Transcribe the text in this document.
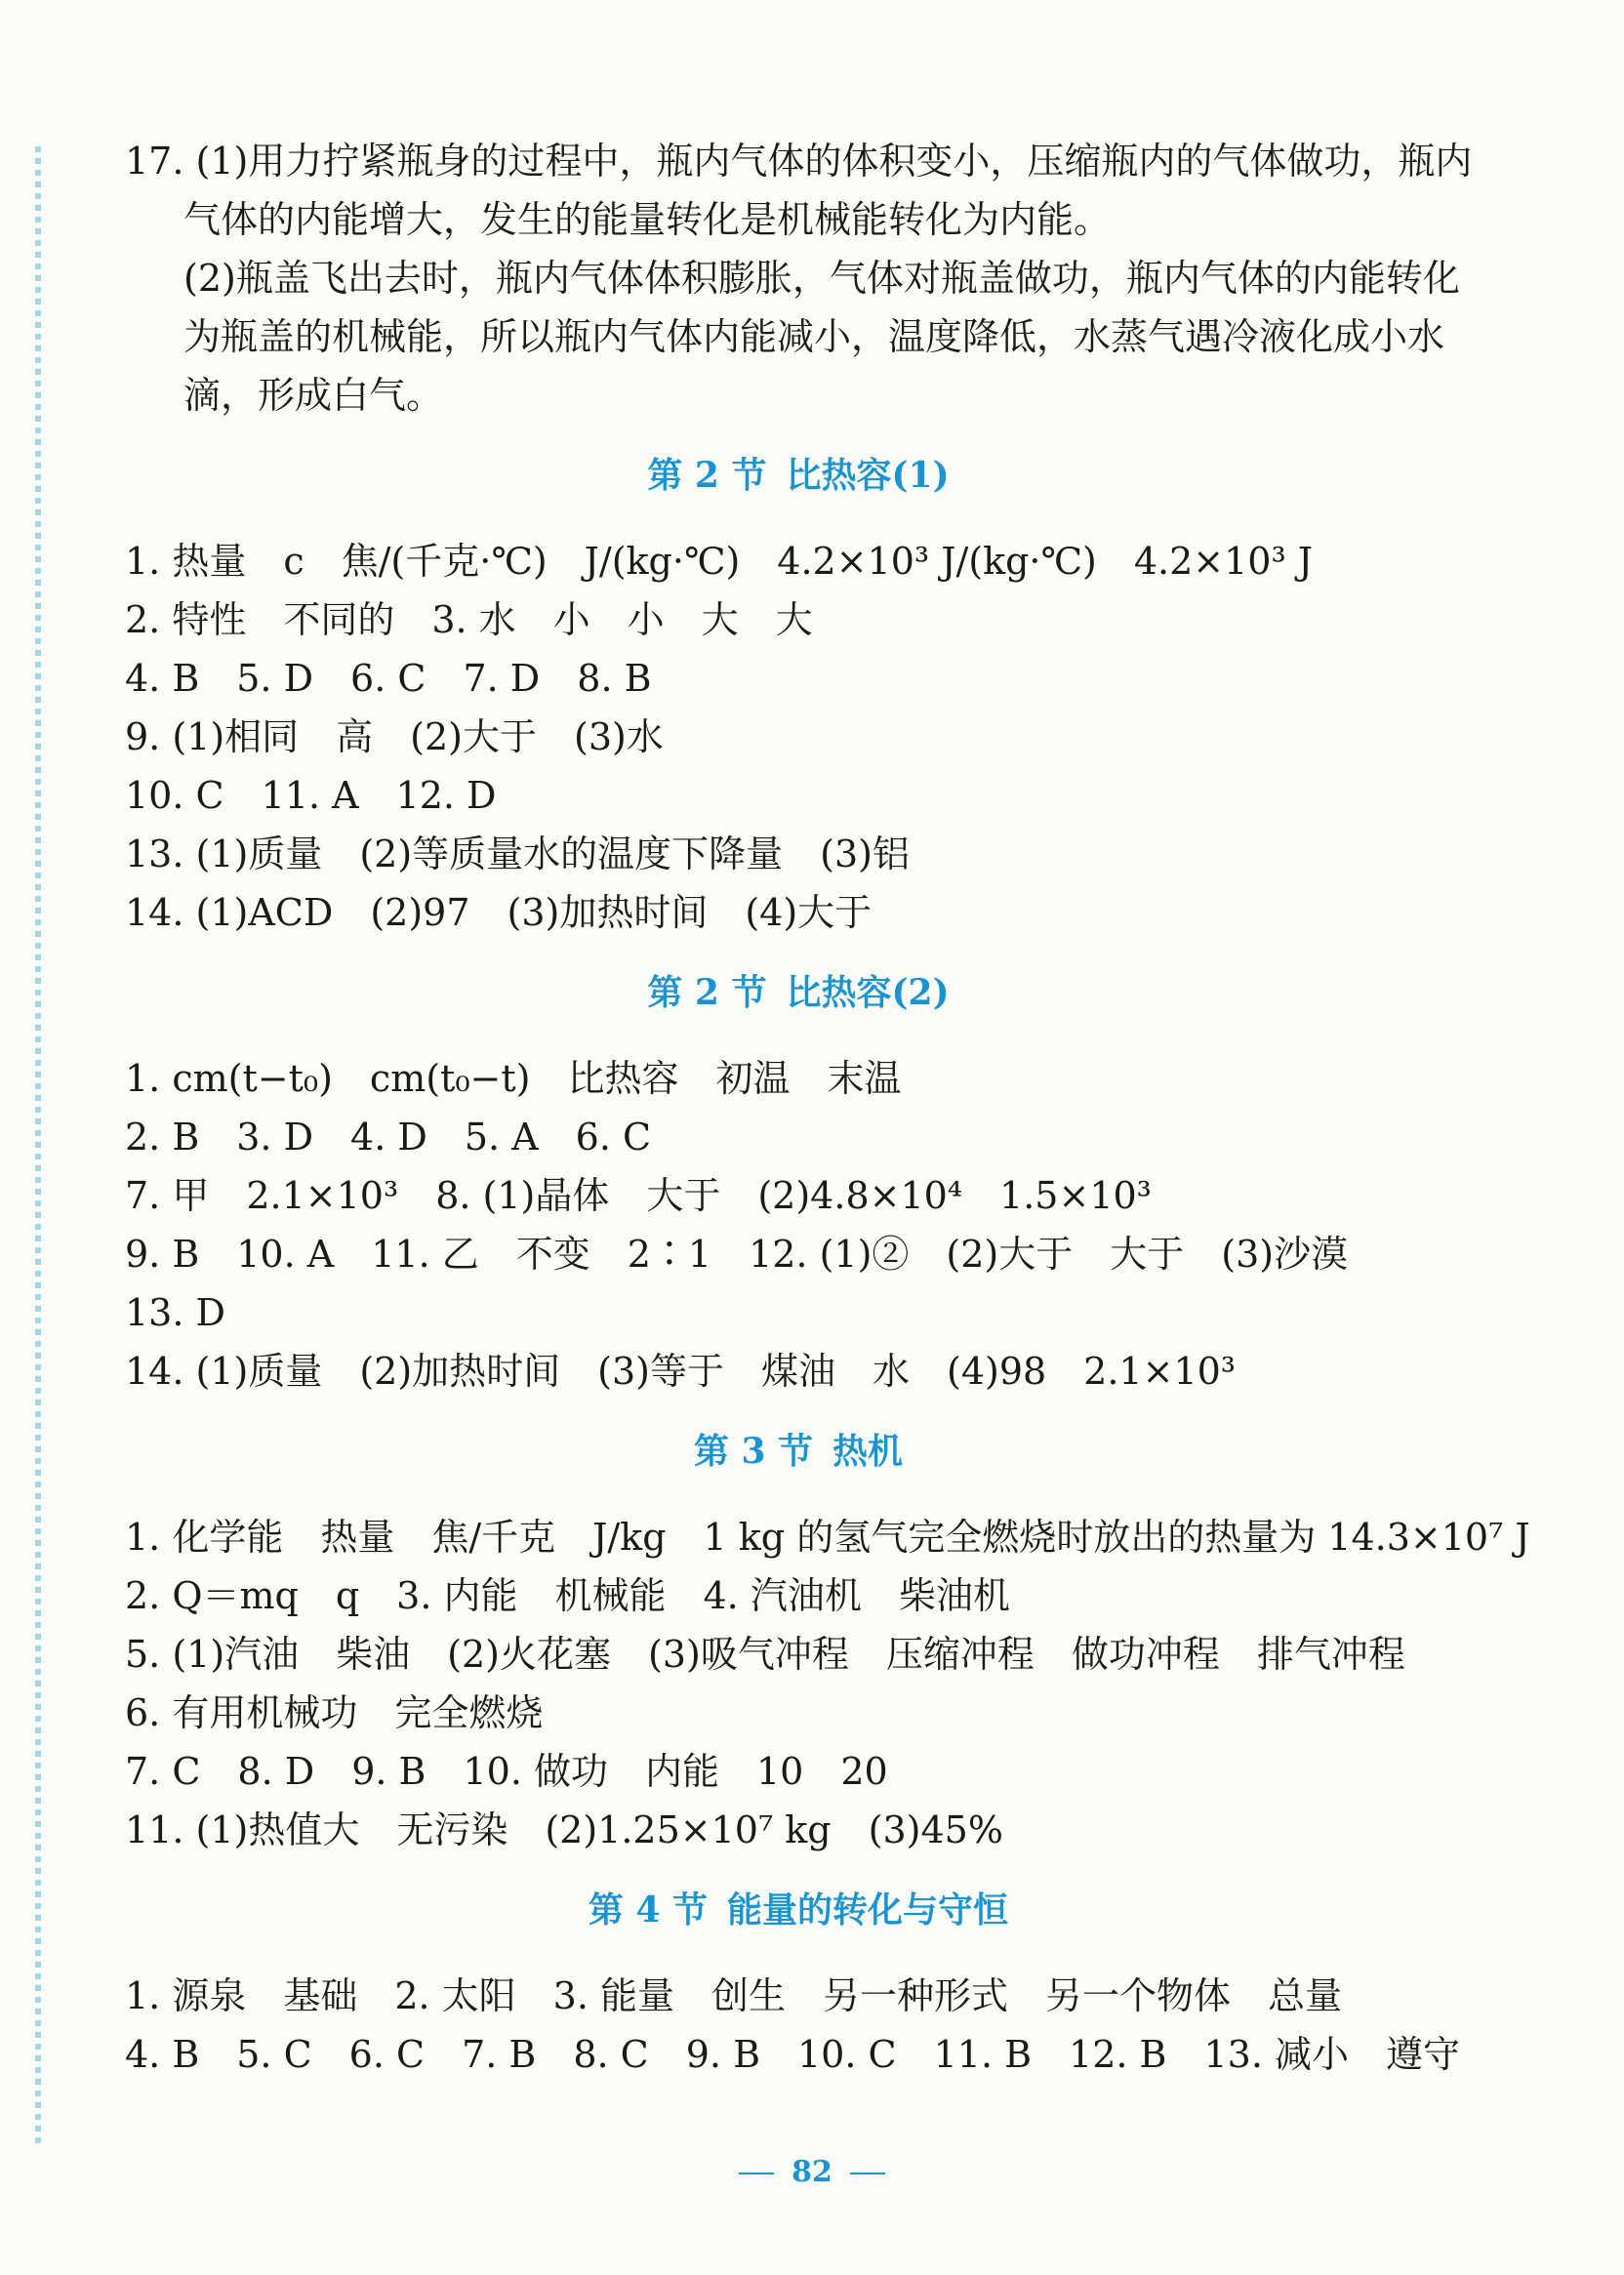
17. (1)用力拧紧瓶身的过程中，瓶内气体的体积变小，压缩瓶内的气体做功，瓶内
气体的内能增大，发生的能量转化是机械能转化为内能。
(2)瓶盖飞出去时，瓶内气体体积膨胀，气体对瓶盖做功，瓶内气体的内能转化
为瓶盖的机械能，所以瓶内气体内能减小，温度降低，水蒸气遇冷液化成小水
滴，形成白气。
第 2 节 比热容(1)
1. 热量　c　焦/(千克·℃)　J/(kg·℃)　4.2×10³ J/(kg·℃)　4.2×10³ J
2. 特性　不同的　3. 水　小　小　大　大
4. B　5. D　6. C　7. D　8. B
9. (1)相同　高　(2)大于　(3)水
10. C　11. A　12. D
13. (1)质量　(2)等质量水的温度下降量　(3)铝
14. (1)ACD　(2)97　(3)加热时间　(4)大于
第 2 节 比热容(2)
1. cm(t−t₀)　cm(t₀−t)　比热容　初温　末温
2. B　3. D　4. D　5. A　6. C
7. 甲　2.1×10³　8. (1)晶体　大于　(2)4.8×10⁴　1.5×10³
9. B　10. A　11. 乙　不变　2∶1　12. (1)②　(2)大于　大于　(3)沙漠
13. D
14. (1)质量　(2)加热时间　(3)等于　煤油　水　(4)98　2.1×10³
第 3 节 热机
1. 化学能　热量　焦/千克　J/kg　1 kg 的氢气完全燃烧时放出的热量为 14.3×10⁷ J
2. Q＝mq　q　3. 内能　机械能　4. 汽油机　柴油机
5. (1)汽油　柴油　(2)火花塞　(3)吸气冲程　压缩冲程　做功冲程　排气冲程
6. 有用机械功　完全燃烧
7. C　8. D　9. B　10. 做功　内能　10　20
11. (1)热值大　无污染　(2)1.25×10⁷ kg　(3)45%
第 4 节 能量的转化与守恒
1. 源泉　基础　2. 太阳　3. 能量　创生　另一种形式　另一个物体　总量
4. B　5. C　6. C　7. B　8. C　9. B　10. C　11. B　12. B　13. 减小　遵守
82
